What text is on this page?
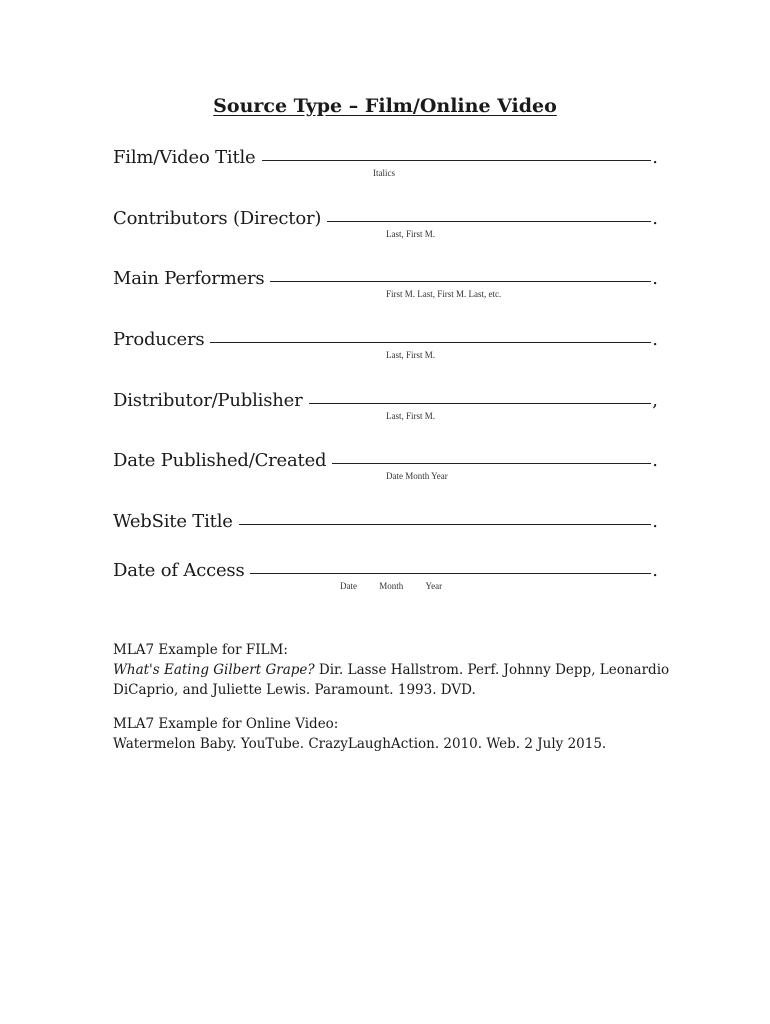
Source Type – Film/Online Video
Film/Video Title	.
Italics
Contributors (Director)	.
Last, First M.
Main Performers	.
First M. Last, First M. Last, etc.
Producers	.
Last, First M.
Distributor/Publisher	,
Last, First M.
Date Published/Created	.
Date Month Year
WebSite Title	.
Date of Access	.
Date Month Year

MLA7 Example for FILM:
What's Eating Gilbert Grape? Dir. Lasse Hallstrom. Perf. Johnny Depp, Leonardio DiCaprio, and Juliette Lewis. Paramount. 1993. DVD.

MLA7 Example for Online Video:
Watermelon Baby. YouTube. CrazyLaughAction. 2010. Web. 2 July 2015.
